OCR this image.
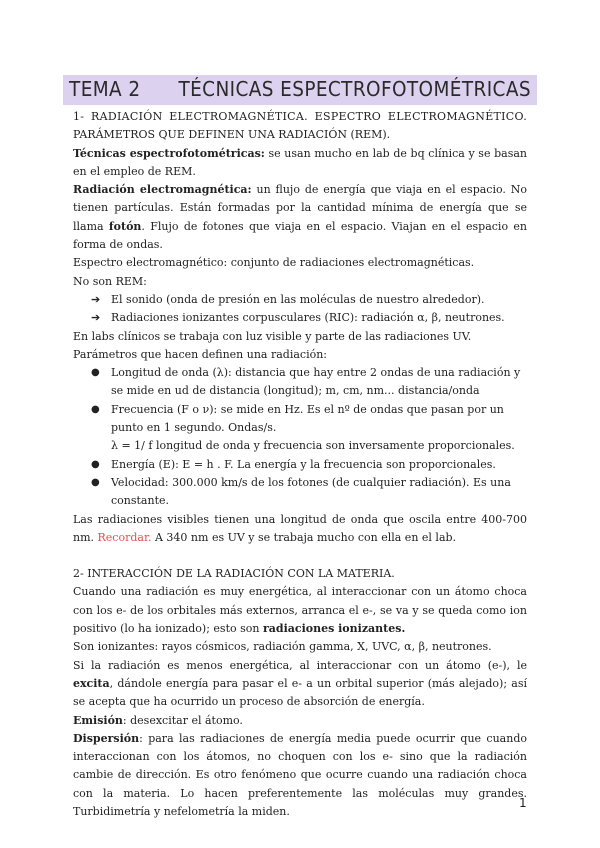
TEMA 2 TÉCNICAS ESPECTROFOTOMÉTRICAS

1- RADIACIÓN ELECTROMAGNÉTICA. ESPECTRO ELECTROMAGNÉTICO.

PARÁMETROS QUE DEFINEN UNA RADIACIÓN (REM).

Técnicas espectrofotométricas: se usan mucho en lab de bq clínica y se basan en el empleo de REM.

Radiación electromagnética: un flujo de energía que viaja en el espacio. No tienen partículas. Están formadas por la cantidad mínima de energía que se llama fotón. Flujo de fotones que viaja en el espacio. Viajan en el espacio en forma de ondas.

Espectro electromagnético: conjunto de radiaciones electromagnéticas.

No son REM:

➔ El sonido (onda de presión en las moléculas de nuestro alrededor).
➔ Radiaciones ionizantes corpusculares (RIC): radiación α, β, neutrones.

En labs clínicos se trabaja con luz visible y parte de las radiaciones UV.

Parámetros que hacen definen una radiación:

● Longitud de onda (λ): distancia que hay entre 2 ondas de una radiación y se mide en ud de distancia (longitud); m, cm, nm... distancia/onda
● Frecuencia (F o ν): se mide en Hz. Es el nº de ondas que pasan por un punto en 1 segundo. Ondas/s.
λ = 1/ f longitud de onda y frecuencia son inversamente proporcionales.
● Energía (E): E = h . F. La energía y la frecuencia son proporcionales.
● Velocidad: 300.000 km/s de los fotones (de cualquier radiación). Es una constante.

Las radiaciones visibles tienen una longitud de onda que oscila entre 400-700 nm. Recordar. A 340 nm es UV y se trabaja mucho con ella en el lab.

2- INTERACCIÓN DE LA RADIACIÓN CON LA MATERIA.

Cuando una radiación es muy energética, al interaccionar con un átomo choca con los e- de los orbitales más externos, arranca el e-, se va y se queda como ion positivo (lo ha ionizado); esto son radiaciones ionizantes.

Son ionizantes: rayos cósmicos, radiación gamma, X, UVC, α, β, neutrones.

Si la radiación es menos energética, al interaccionar con un átomo (e-), le excita, dándole energía para pasar el e- a un orbital superior (más alejado); así se acepta que ha ocurrido un proceso de absorción de energía.

Emisión: desexcitar el átomo.

Dispersión: para las radiaciones de energía media puede ocurrir que cuando interaccionan con los átomos, no choquen con los e- sino que la radiación cambie de dirección. Es otro fenómeno que ocurre cuando una radiación choca con la materia. Lo hacen preferentemente las moléculas muy grandes. Turbidimetría y nefelometría la miden.

1
